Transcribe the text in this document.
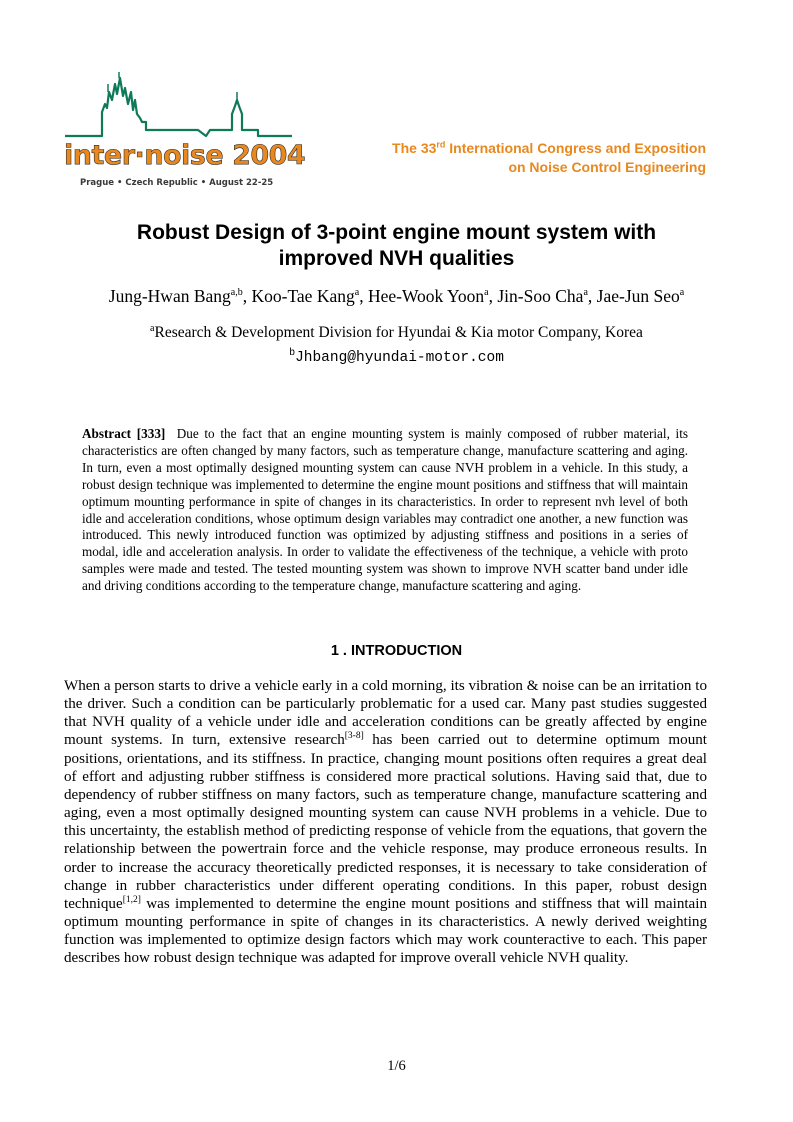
inter·noise 2004
Prague • Czech Republic • August 22-25
The 33rd International Congress and Exposition
on Noise Control Engineering
Robust Design of 3-point engine mount system with
improved NVH qualities
Jung-Hwan Bang$^{a,b}$, Koo-Tae Kang$^a$, Hee-Wook Yoon$^a$, Jin-Soo Cha$^a$, Jae-Jun Seo$^a$
$^a$Research & Development Division for Hyundai & Kia motor Company, Korea
$^b$Jhbang@hyundai-motor.com
Abstract [333] Due to the fact that an engine mounting system is mainly composed of rubber material, its characteristics are often changed by many factors, such as temperature change, manufacture scattering and aging. In turn, even a most optimally designed mounting system can cause NVH problem in a vehicle. In this study, a robust design technique was implemented to determine the engine mount positions and stiffness that will maintain optimum mounting performance in spite of changes in its characteristics. In order to represent nvh level of both idle and acceleration conditions, whose optimum design variables may contradict one another, a new function was introduced. This newly introduced function was optimized by adjusting stiffness and positions in a series of modal, idle and acceleration analysis. In order to validate the effectiveness of the technique, a vehicle with proto samples were made and tested. The tested mounting system was shown to improve NVH scatter band under idle and driving conditions according to the temperature change, manufacture scattering and aging.
1 . INTRODUCTION
When a person starts to drive a vehicle early in a cold morning, its vibration & noise can be an irritation to the driver. Such a condition can be particularly problematic for a used car. Many past studies suggested that NVH quality of a vehicle under idle and acceleration conditions can be greatly affected by engine mount systems. In turn, extensive research[3-8] has been carried out to determine optimum mount positions, orientations, and its stiffness. In practice, changing mount positions often requires a great deal of effort and adjusting rubber stiffness is considered more practical solutions. Having said that, due to dependency of rubber stiffness on many factors, such as temperature change, manufacture scattering and aging, even a most optimally designed mounting system can cause NVH problems in a vehicle. Due to this uncertainty, the establish method of predicting response of vehicle from the equations, that govern the relationship between the powertrain force and the vehicle response, may produce erroneous results. In order to increase the accuracy theoretically predicted responses, it is necessary to take consideration of change in rubber characteristics under different operating conditions. In this paper, robust design technique[1,2] was implemented to determine the engine mount positions and stiffness that will maintain optimum mounting performance in spite of changes in its characteristics. A newly derived weighting function was implemented to optimize design factors which may work counteractive to each. This paper describes how robust design technique was adapted for improve overall vehicle NVH quality.
1/6
